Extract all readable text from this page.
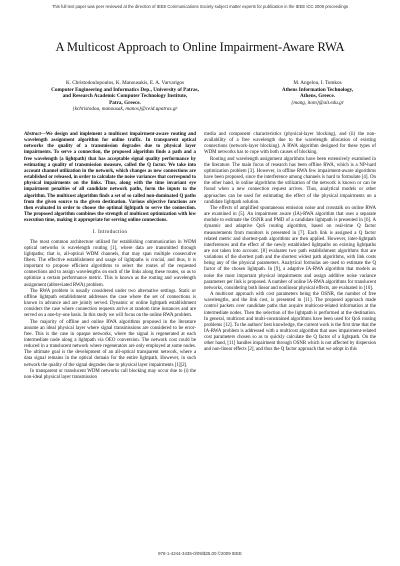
This full text paper was peer reviewed at the direction of IEEE Communications Society subject matter experts for publication in the IEEE ICC 2009 proceedings
A Multicost Approach to Online Impairment-Aware RWA
K. Christodoulopoulos, K. Manousakis, E. A. Varvarigos
Computer Engineering and Informatics Dep., University of Patras,
and Research Academic Computer Technology Institute,
Patra, Greece.
{kchristodou, manousak, manos}@ceid.upatras.gr
M. Angelou, I. Tomkos
Athens Information Technology,
Athens, Greece.
{mang, itom}@ait.edu.gr

Abstract—We design and implement a multicost impairment-aware routing and wavelength assignment algorithm for online traffic. In transparent optical networks the quality of a transmission degrades due to physical layer impairments. To serve a connection, the proposed algorithm finds a path and a free wavelength (a lightpath) that has acceptable signal quality performance by estimating a quality of transmission measure, called the Q factor. We take into account channel utilization in the network, which changes as new connections are established or released, in order to calculate the noise variances that correspond to physical impairments on the links. Thus, along with the time invariant eye impairment penalties of all candidate network paths, form the inputs to the algorithm. The multicost algorithm finds a set of so called non-dominated Q paths from the given source to the given destination. Various objective functions are then evaluated in order to choose the optimal lightpath to serve the connection. The proposed algorithm combines the strength of multicost optimization with low execution time, making it appropriate for serving online connections.

I. Introduction

The most common architecture utilized for establishing communication in WDM optical networks is wavelength routing [1], where data are transmitted through lightpaths; that is, all-optical WDM channels, that may span multiple consecutive fibers. The effective establishment and usage of lightpaths is crucial, and thus, it is important to propose efficient algorithms to select the routes of the requested connections and to assign wavelengths on each of the links along these routes, so as to optimize a certain performance metric. This is known as the routing and wavelength assignment (abbreviated RWA) problem.

The RWA problem is usually considered under two alternative settings. Static or offline lightpath establishment addresses the case where the set of connections is known in advance and are jointly served. Dynamic or online lightpath establishment considers the case where connection requests arrive at random time instances and are served on a one-by-one basis. In this study we will focus on the online RWA problem.

The majority of offline and online RWA algorithms proposed in the literature assume an ideal physical layer where signal transmissions are considered to be error-free. This is the case in opaque networks, where the signal is regenerated at each intermediate node along a lightpath via OEO conversion. The network cost could be reduced in a translucent network where regenerators are only employed at some nodes. The ultimate goal is the development of an all-optical transparent network, where a data signal remains in the optical domain for the entire lightpath. However, in such network the quality of the signal degrades due to physical layer impairments [1][2].

In transparent or translucent WDM networks call blocking may occur due to (i) the non-ideal physical layer transmission

media and component characteristics (physical-layer blocking), and (ii) the non-availability of a free wavelength due to the wavelength allocation of existing connections (network-layer blocking). A RWA algorithm designed for these types of WDM networks has to cope with both causes of blocking.

Routing and wavelength assignment algorithms have been extensively examined in the literature. The main focus of research has been offline RWA, which is a NP-hard optimization problem [3]. However, in offline RWA few impairment-aware algorithms have been proposed, since the interference among channels is hard to formulate [4]. On the other hand, in online algorithms the utilization of the network is known or can be found when a new connection request arrives. Thus, analytical models or other approaches can be used for estimating the effect of the physical impairments on a candidate lightpath solution.

The effects of amplified spontaneous emission noise and crosstalk on online RWA are examined in [5]. An impairment aware (IA)-RWA algorithm that uses a separate module to estimate the OSNR and PMD of a candidate lightpath is presented in [6]. A dynamic and adaptive QoS routing algorithm, based on real-time Q factor measurements from monitors is presented in [7]. Each link is assigned a Q factor related metric and shortest-path algorithms are then applied. However, inter-lightpath interferences and the effect of the newly established lightpaths on existing lightpaths are not taken into account. [8] evaluates two path establishment algorithms that are variations of the shortest path and the shortest widest path algorithms, with link costs being any of the physical parameters. Analytical formulas are used to estimate the Q factor of the chosen lightpath. In [9], a adaptive IA-RWA algorithm that models as noise the most important physical impairments and assign additive noise variance parameters per link is proposed. A number of online IA-RWA algorithms for translucent networks, considering both linear and nonlinear physical effects, are evaluated in [10].

A multicost approach with cost parameters being the OSNR, the number of free wavelengths, and the link cost, is presented in [11]. The proposed approach made control packets over candidate paths that acquire multicost-related information at the intermediate nodes. Then the selection of the lightpath is performed at the destination. In general, multicost and multi-constrained algorithms have been used for QoS routing problems [12]. To the authors' best knowledge, the current work is the first time that the IA-RWA problem is addressed with a multicost algorithm that uses impairment-related cost parameters chosen so as to quickly calculate the Q factor of a lightpath. On the other hand, [11] handles impairment through OSNR which is not affected by dispersion and non-linear effects [2], and thus the Q factor approach that we adopt in this

978-1-4244-3435-0/09/$25.00 ©2009 IEEE
